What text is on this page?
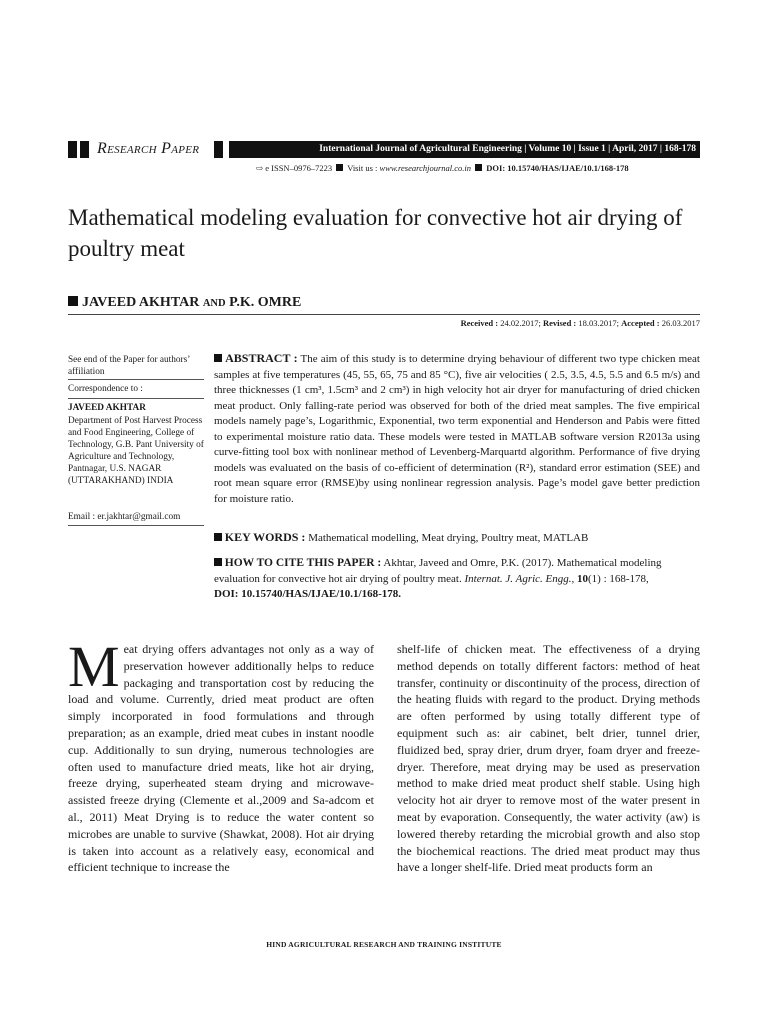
Research Paper	International Journal of Agricultural Engineering | Volume 10 | Issue 1 | April, 2017 | 168-178
⇨ e ISSN–0976–7223 Visit us : www.researchjournal.co.in DOI: 10.15740/HAS/IJAE/10.1/168-178
Mathematical modeling evaluation for convective hot air drying of poultry meat
JAVEED AKHTAR AND P.K. OMRE
Received : 24.02.2017; Revised : 18.03.2017; Accepted : 26.03.2017
See end of the Paper for authors’ affiliation
Correspondence to :
JAVEED AKHTAR
Department of Post Harvest Process and Food Engineering, College of Technology, G.B. Pant University of Agriculture and Technology, Pantnagar, U.S. NAGAR (UTTARAKHAND) INDIA
Email : er.jakhtar@gmail.com
ABSTRACT : The aim of this study is to determine drying behaviour of different two type chicken meat samples at five temperatures (45, 55, 65, 75 and 85 °C), five air velocities ( 2.5, 3.5, 4.5, 5.5 and 6.5 m/s) and three thicknesses (1 cm³, 1.5cm³ and 2 cm³) in high velocity hot air dryer for manufacturing of dried chicken meat product. Only falling-rate period was observed for both of the dried meat samples. The five empirical models namely page’s, Logarithmic, Exponential, two term exponential and Henderson and Pabis were fitted to experimental moisture ratio data. These models were tested in MATLAB software version R2013a using curve-fitting tool box with nonlinear method of Levenberg-Marquartd algorithm. Performance of five drying models was evaluated on the basis of co-efficient of determination (R²), standard error estimation (SEE) and root mean square error (RMSE)by using nonlinear regression analysis. Page’s model gave better prediction for moisture ratio.
KEY WORDS : Mathematical modelling, Meat drying, Poultry meat, MATLAB
HOW TO CITE THIS PAPER : Akhtar, Javeed and Omre, P.K. (2017). Mathematical modeling evaluation for convective hot air drying of poultry meat. Internat. J. Agric. Engg., 10(1) : 168-178,
DOI: 10.15740/HAS/IJAE/10.1/168-178.
M eat drying offers advantages not only as a way of preservation however additionally helps to reduce packaging and transportation cost by reducing the load and volume. Currently, dried meat product are often simply incorporated in food formulations and through preparation; as an example, dried meat cubes in instant noodle cup. Additionally to sun drying, numerous technologies are often used to manufacture dried meats, like hot air drying, freeze drying, superheated steam drying and microwave-assisted freeze drying (Clemente et al.,2009 and Sa-adcom et al., 2011) Meat Drying is to reduce the water content so microbes are unable to survive (Shawkat, 2008). Hot air drying is taken into account as a relatively easy, economical and efficient technique to increase the
shelf-life of chicken meat. The effectiveness of a drying method depends on totally different factors: method of heat transfer, continuity or discontinuity of the process, direction of the heating fluids with regard to the product. Drying methods are often performed by using totally different type of equipment such as: air cabinet, belt drier, tunnel drier, fluidized bed, spray drier, drum dryer, foam dryer and freeze-dryer. Therefore, meat drying may be used as preservation method to make dried meat product shelf stable. Using high velocity hot air dryer to remove most of the water present in meat by evaporation. Consequently, the water activity (aw) is lowered thereby retarding the microbial growth and also stop the biochemical reactions. The dried meat product may thus have a longer shelf-life. Dried meat products form an
HIND AGRICULTURAL RESEARCH AND TRAINING INSTITUTE
